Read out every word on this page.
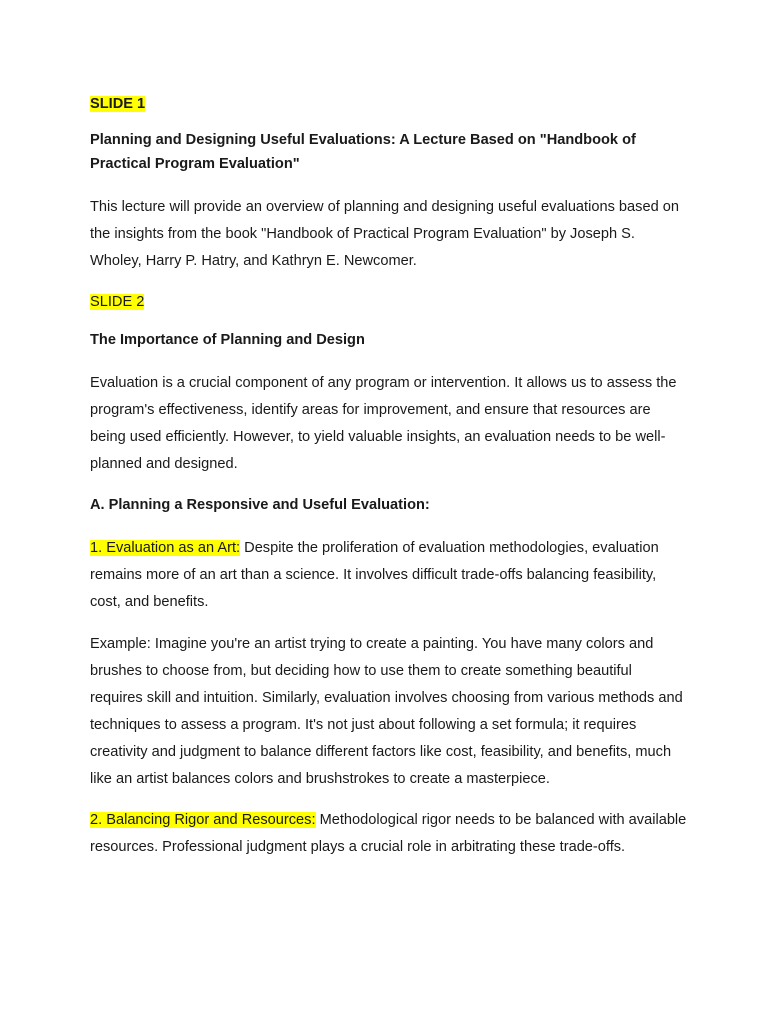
SLIDE 1

Planning and Designing Useful Evaluations: A Lecture Based on "Handbook of Practical Program Evaluation"

This lecture will provide an overview of planning and designing useful evaluations based on the insights from the book "Handbook of Practical Program Evaluation" by Joseph S. Wholey, Harry P. Hatry, and Kathryn E. Newcomer.

SLIDE 2

The Importance of Planning and Design

Evaluation is a crucial component of any program or intervention. It allows us to assess the program's effectiveness, identify areas for improvement, and ensure that resources are being used efficiently. However, to yield valuable insights, an evaluation needs to be well-planned and designed.

A. Planning a Responsive and Useful Evaluation:

1. Evaluation as an Art: Despite the proliferation of evaluation methodologies, evaluation remains more of an art than a science. It involves difficult trade-offs balancing feasibility, cost, and benefits.

Example: Imagine you're an artist trying to create a painting. You have many colors and brushes to choose from, but deciding how to use them to create something beautiful requires skill and intuition. Similarly, evaluation involves choosing from various methods and techniques to assess a program. It's not just about following a set formula; it requires creativity and judgment to balance different factors like cost, feasibility, and benefits, much like an artist balances colors and brushstrokes to create a masterpiece.

2. Balancing Rigor and Resources: Methodological rigor needs to be balanced with available resources. Professional judgment plays a crucial role in arbitrating these trade-offs.
